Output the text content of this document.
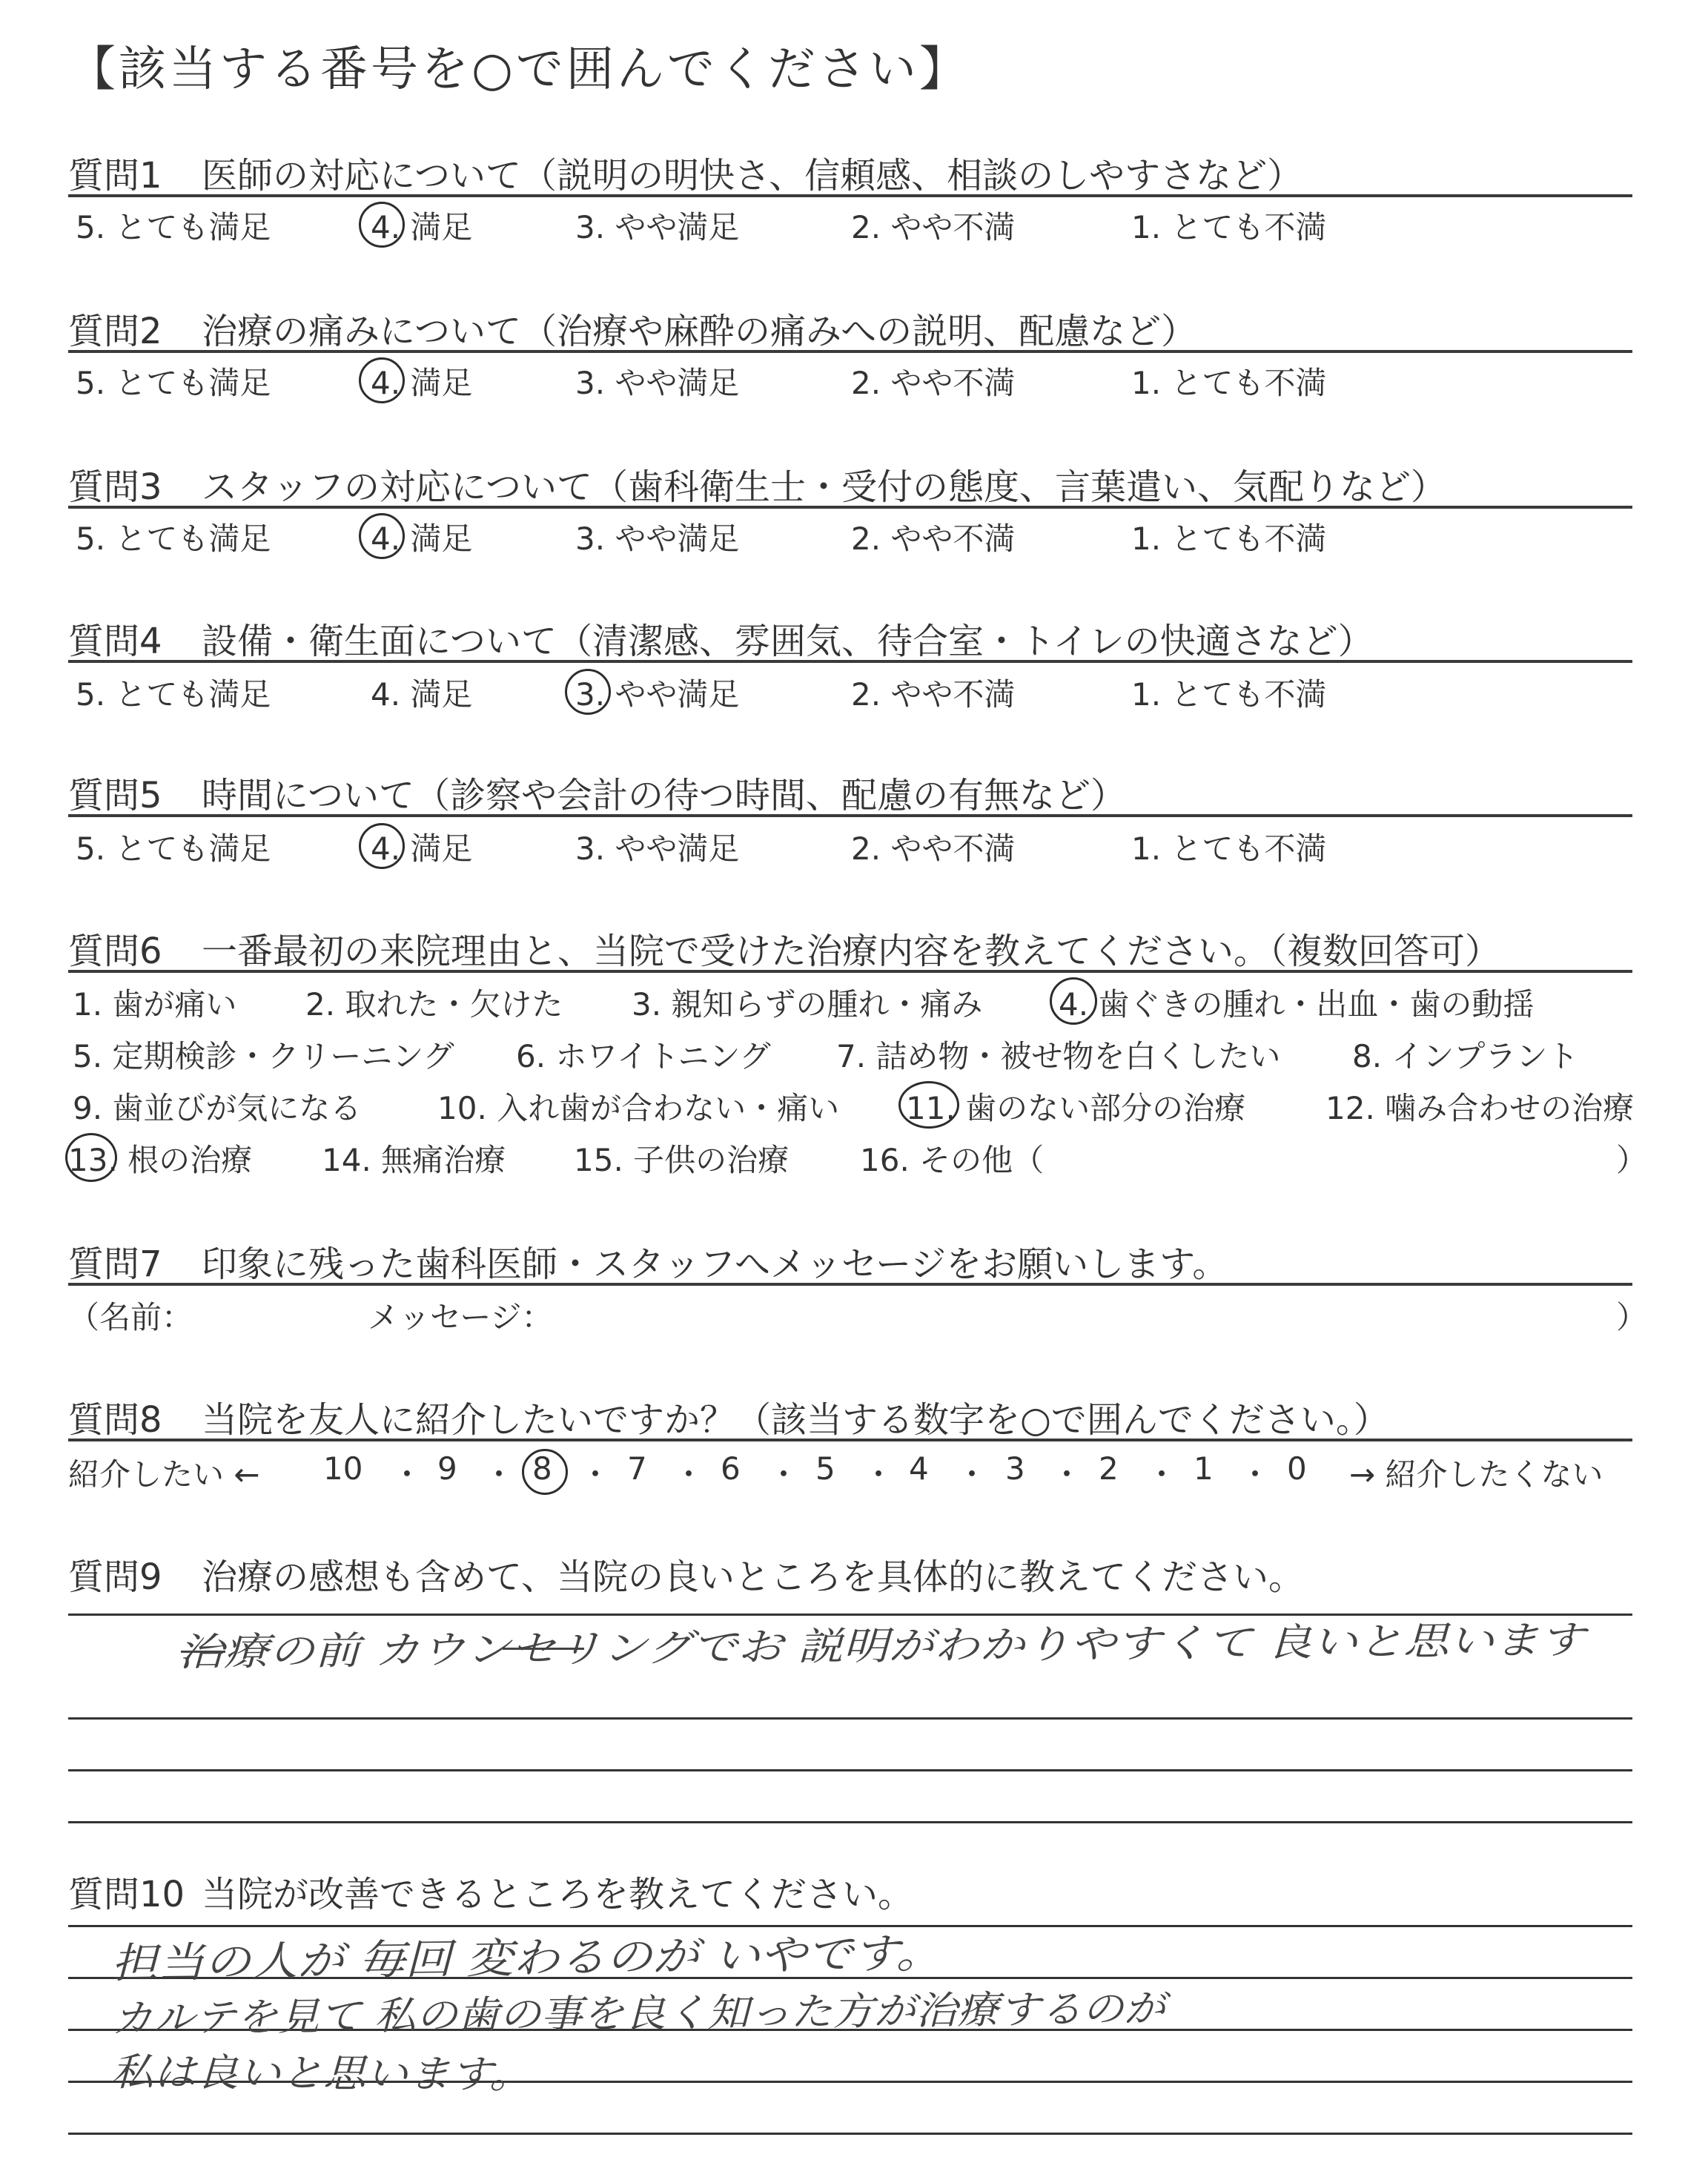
【該当する番号を○で囲んでください】
質問1 医師の対応について（説明の明快さ、信頼感、相談のしやすさなど）
5. とても満足	4. 満足	3. やや満足	2. やや不満	1. とても不満
質問2 治療の痛みについて（治療や麻酔の痛みへの説明、配慮など）
5. とても満足	4. 満足	3. やや満足	2. やや不満	1. とても不満
質問3 スタッフの対応について（歯科衛生士・受付の態度、言葉遣い、気配りなど）
5. とても満足	4. 満足	3. やや満足	2. やや不満	1. とても不満
質問4 設備・衛生面について（清潔感、雰囲気、待合室・トイレの快適さなど）
5. とても満足	4. 満足	3. やや満足	2. やや不満	1. とても不満
質問5 時間について（診察や会計の待つ時間、配慮の有無など）
5. とても満足	4. 満足	3. やや満足	2. やや不満	1. とても不満
質問6 一番最初の来院理由と、当院で受けた治療内容を教えてください。（複数回答可）
1. 歯が痛い 2. 取れた・欠けた 3. 親知らずの腫れ・痛み 4. 歯ぐきの腫れ・出血・歯の動揺
5. 定期検診・クリーニング 6. ホワイトニング 7. 詰め物・被せ物を白くしたい 8. インプラント
9. 歯並びが気になる 10. 入れ歯が合わない・痛い 11. 歯のない部分の治療	12. 噛み合わせの治療
13. 根の治療 14. 無痛治療 15. 子供の治療 16. その他（	）
質問7 印象に残った歯科医師・スタッフへメッセージをお願いします。
（名前：	メッセージ：	）
質問8 当院を友人に紹介したいですか？（該当する数字を○で囲んでください。）
紹介したい ← 10 ・ 9 ・ 8 ・ 7 ・ 6 ・ 5 ・ 4 ・ 3 ・ 2 ・ 1 ・ 0 → 紹介したくない
質問9 治療の感想も含めて、当院の良いところを具体的に教えてください。
治療の前 カウンセリングでお 説明がわかりやすくて 良いと思います
質問10 当院が改善できるところを教えてください。
担当の人が 毎回 変わるのが いやです。
カルテを見て 私の歯の事を良く知った方が治療するのが
私は良いと思います。
